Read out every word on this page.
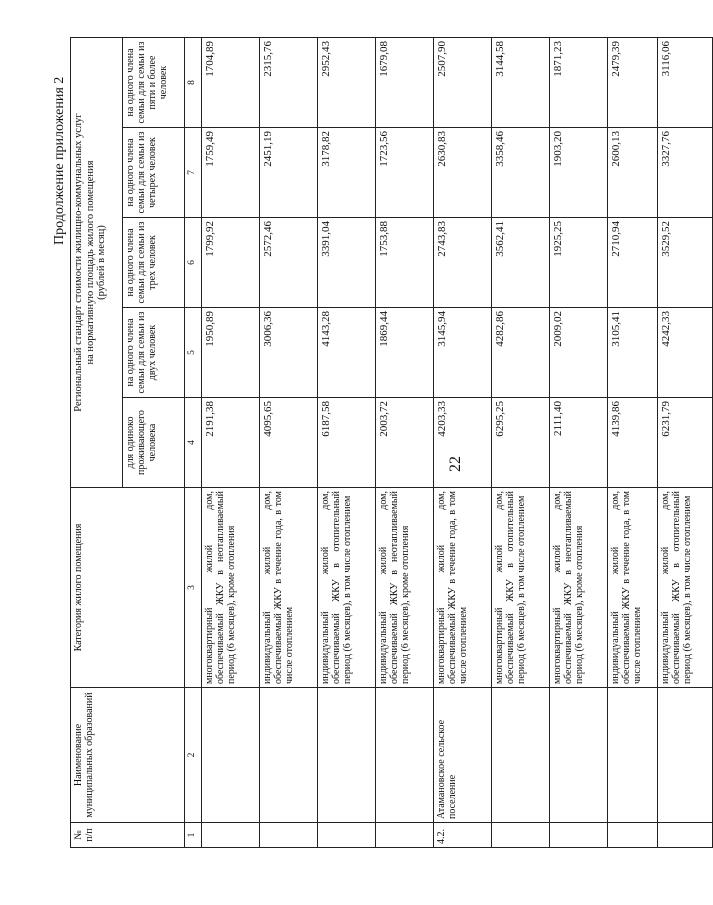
22
Продолжение приложения 2
№ п/п	Наименование муниципальных образований	Категория жилого помещения	Региональный стандарт стоимости жилищно-коммунальных услуг на нормативную площадь жилого помещения (рублей в месяц)				

			для одиноко проживающего человека	на одного члена семьи для семьи из двух человек	на одного члена семьи для семьи из трех человек	на одного члена семьи для семьи из четырех человек	на одного члена семьи для семьи из пяти и более человек
1	2	3	4	5	6	7	8
		многоквартирный жилой дом, обеспечиваемый ЖКУ в неотапливаемый период (6 месяцев), кроме отопления	2191,38	1950,89	1799,92	1759,49	1704,89
		индивидуальный жилой дом, обеспечиваемый ЖКУ в течение года, в том числе отоплением	4095,65	3006,36	2572,46	2451,19	2315,76
		индивидуальный жилой дом, обеспечиваемый ЖКУ в отопительный период (6 месяцев), в том числе отоплением	6187,58	4143,28	3391,04	3178,82	2952,43
		индивидуальный жилой дом, обеспечиваемый ЖКУ в неотапливаемый период (6 месяцев), кроме отопления	2003,72	1869,44	1753,88	1723,56	1679,08
4.2.	Атамановское сельское поселение	многоквартирный жилой дом, обеспечиваемый ЖКУ в течение года, в том числе отоплением	4203,33	3145,94	2743,83	2630,83	2507,90
		многоквартирный жилой дом, обеспечиваемый ЖКУ в отопительный период (6 месяцев), в том числе отоплением	6295,25	4282,86	3562,41	3358,46	3144,58
		многоквартирный жилой дом, обеспечиваемый ЖКУ в неотапливаемый период (6 месяцев), кроме отопления	2111,40	2009,02	1925,25	1903,20	1871,23
		индивидуальный жилой дом, обеспечиваемый ЖКУ в течение года, в том числе отоплением	4139,86	3105,41	2710,94	2600,13	2479,39
		индивидуальный жилой дом, обеспечиваемый ЖКУ в отопительный период (6 месяцев), в том числе отоплением	6231,79	4242,33	3529,52	3327,76	3116,06
